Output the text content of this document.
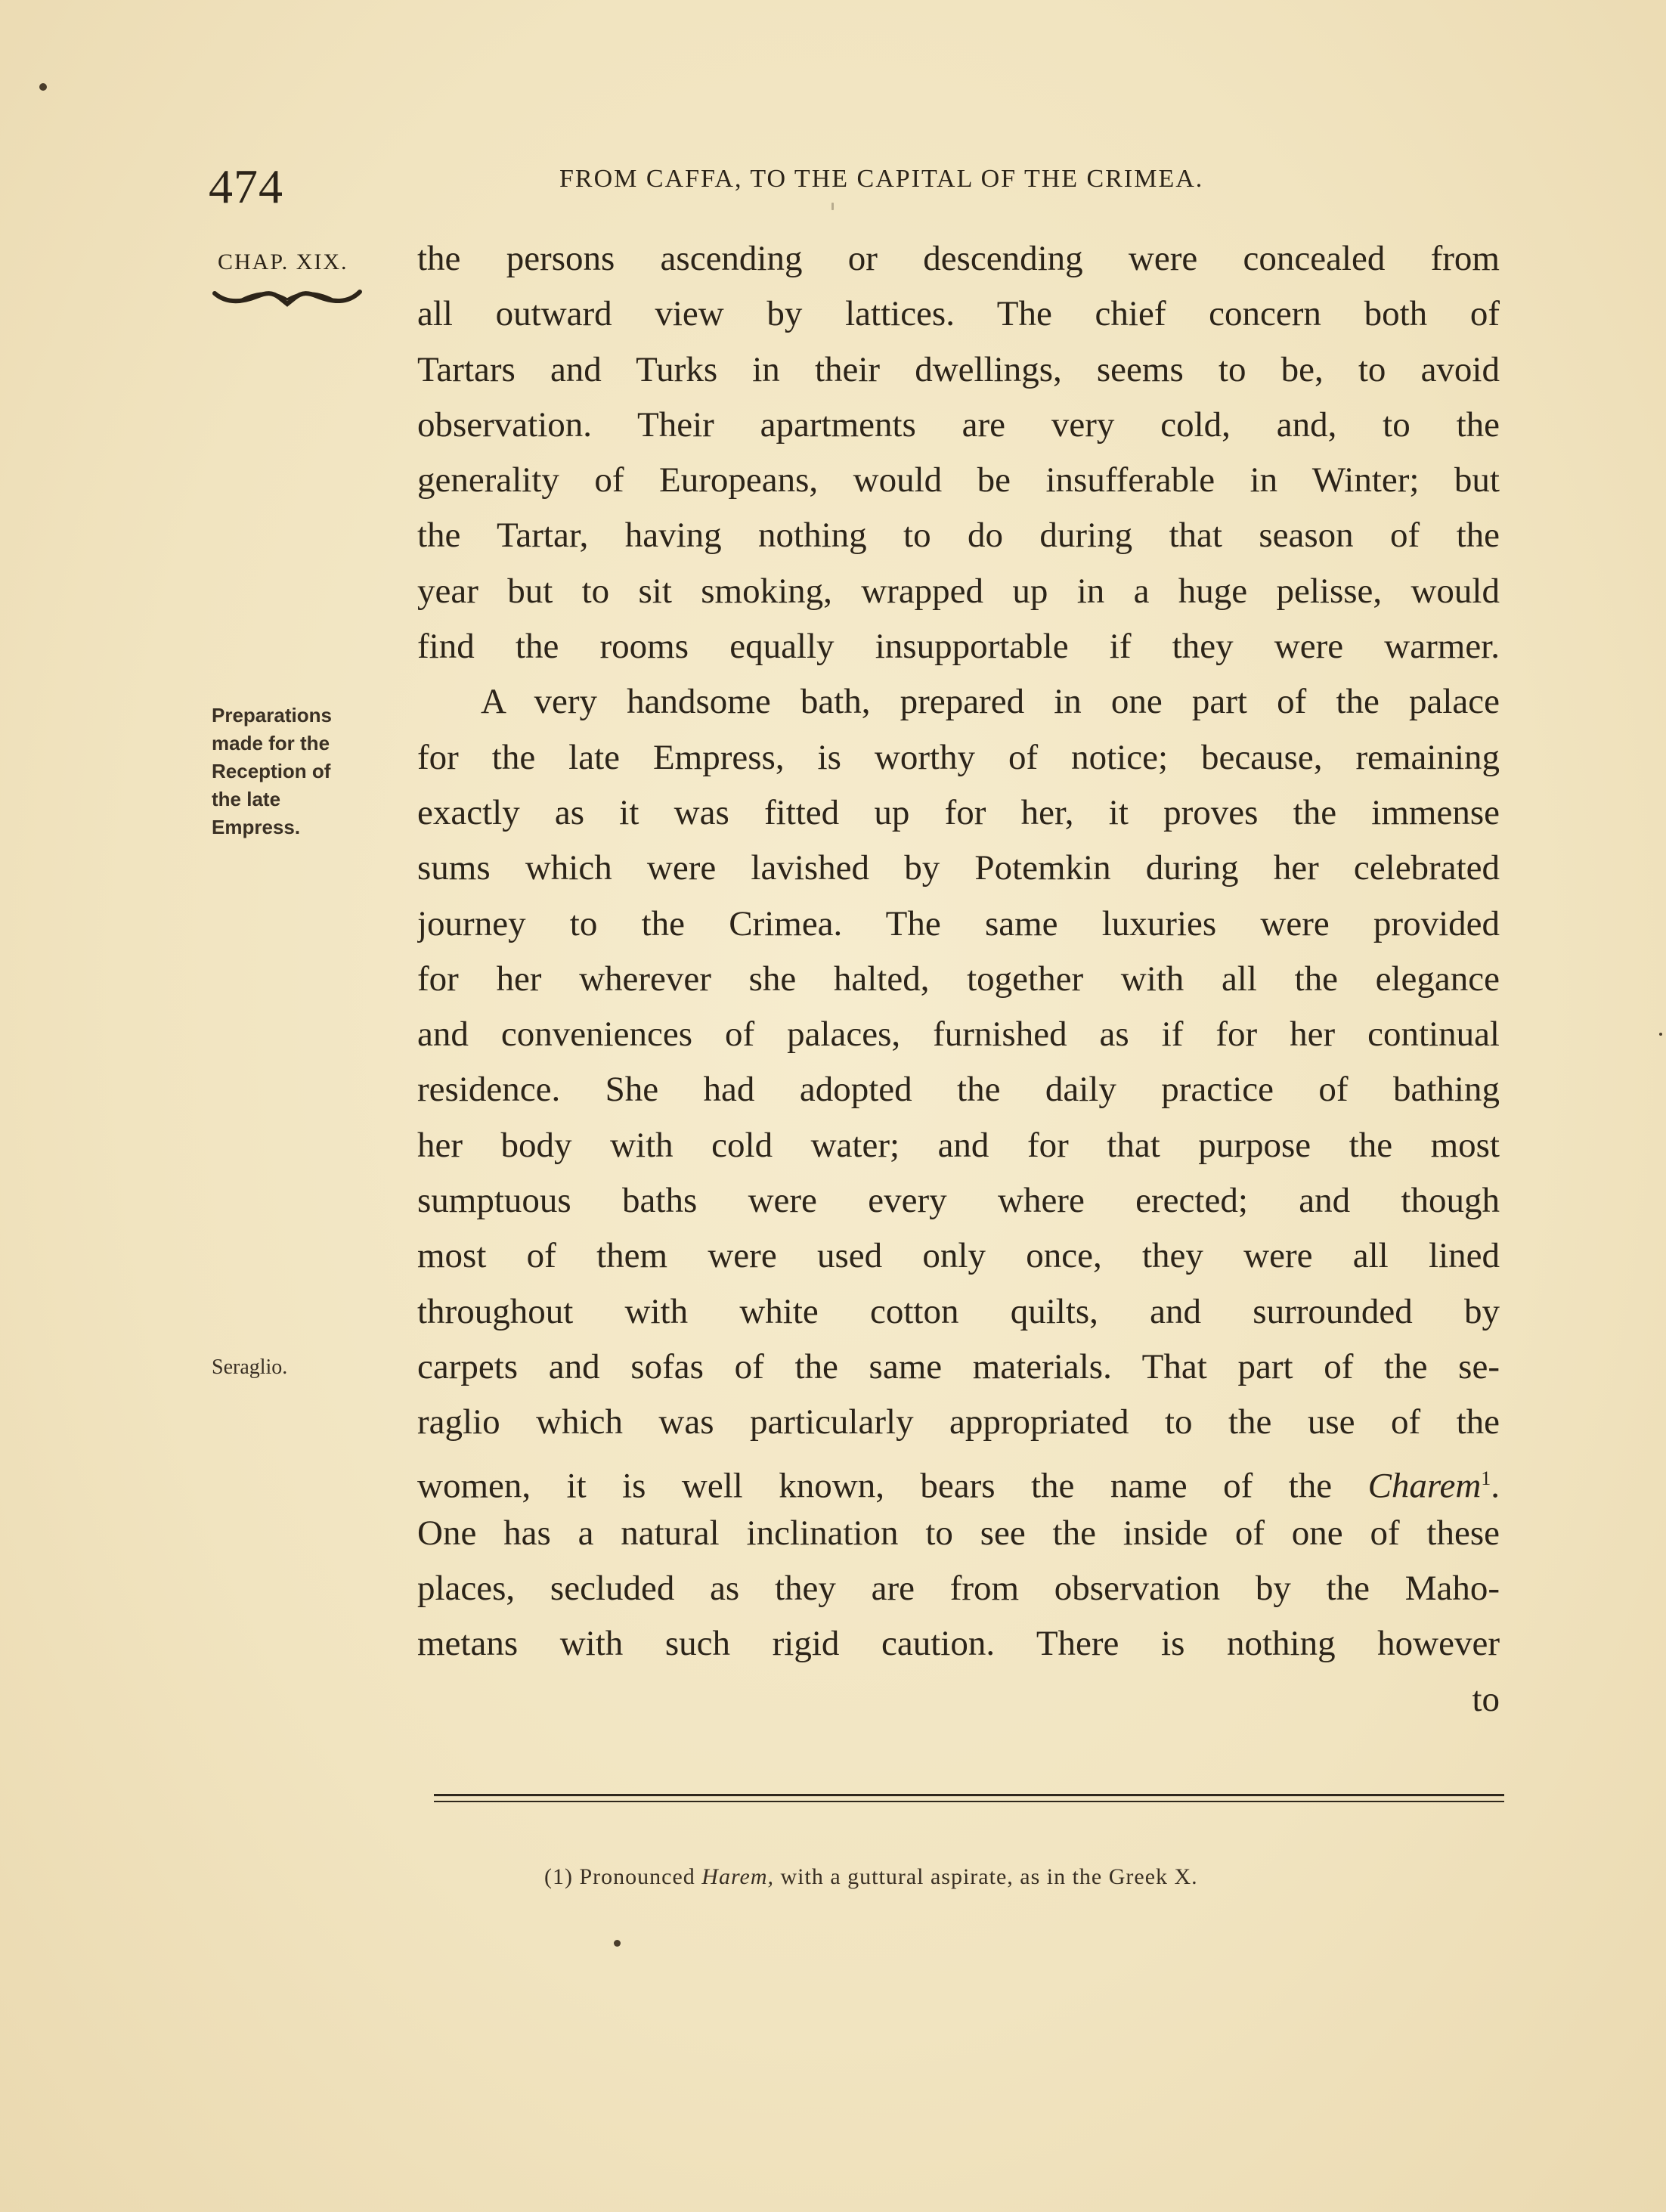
474	FROM CAFFA, TO THE CAPITAL OF THE CRIMEA.
CHAP. XIX.
Preparations
made for the
Reception of
the late
Empress.
Seraglio.
the persons ascending or descending were concealed from
all outward view by lattices. The chief concern both of
Tartars and Turks in their dwellings, seems to be, to avoid
observation. Their apartments are very cold, and, to the
generality of Europeans, would be insufferable in Winter; but
the Tartar, having nothing to do during that season of the
year but to sit smoking, wrapped up in a huge pelisse, would
find the rooms equally insupportable if they were warmer.
A very handsome bath, prepared in one part of the palace
for the late Empress, is worthy of notice; because, remaining
exactly as it was fitted up for her, it proves the immense
sums which were lavished by Potemkin during her celebrated
journey to the Crimea. The same luxuries were provided
for her wherever she halted, together with all the elegance
and conveniences of palaces, furnished as if for her continual
residence. She had adopted the daily practice of bathing
her body with cold water; and for that purpose the most
sumptuous baths were every where erected; and though
most of them were used only once, they were all lined
throughout with white cotton quilts, and surrounded by
carpets and sofas of the same materials. That part of the se-
raglio which was particularly appropriated to the use of the
women, it is well known, bears the name of the Charem$^1$.
One has a natural inclination to see the inside of one of these
places, secluded as they are from observation by the Maho-
metans with such rigid caution. There is nothing however
to
(1) Pronounced Harem, with a guttural aspirate, as in the Greek X.
